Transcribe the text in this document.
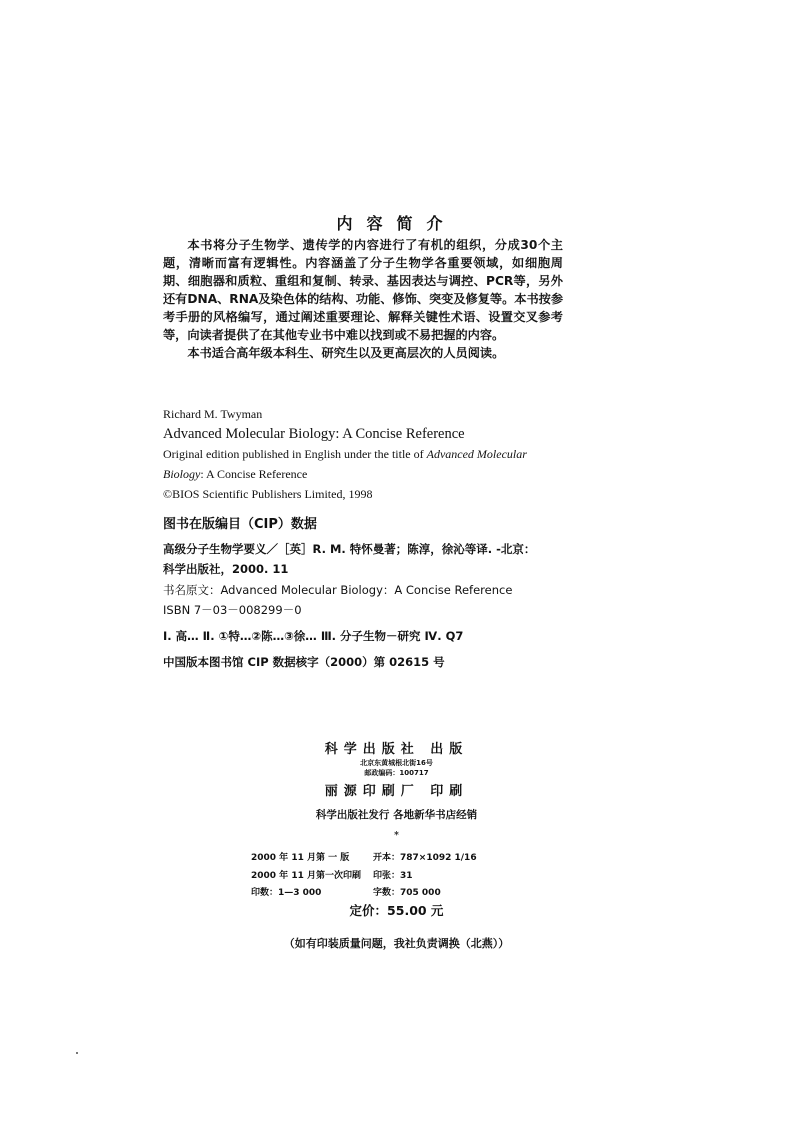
内容简介

本书将分子生物学、遗传学的内容进行了有机的组织，分成30个主题，清晰而富有逻辑性。内容涵盖了分子生物学各重要领域，如细胞周期、细胞器和质粒、重组和复制、转录、基因表达与调控、PCR等，另外还有DNA、RNA及染色体的结构、功能、修饰、突变及修复等。本书按参考手册的风格编写，通过阐述重要理论、解释关键性术语、设置交叉参考等，向读者提供了在其他专业书中难以找到或不易把握的内容。

本书适合高年级本科生、研究生以及更高层次的人员阅读。

Richard M. Twyman
Advanced Molecular Biology: A Concise Reference
Original edition published in English under the title of Advanced Molecular
Biology: A Concise Reference
©BIOS Scientific Publishers Limited, 1998
图书在版编目（CIP）数据
高级分子生物学要义／［英］R. M. 特怀曼著；陈淳，徐沁等译. -北京：
科学出版社，2000. 11
书名原文：Advanced Molecular Biology：A Concise Reference
ISBN 7－03－008299－0
Ⅰ. 高… Ⅱ. ①特…②陈…③徐… Ⅲ. 分子生物－研究 Ⅳ. Q7
中国版本图书馆 CIP 数据核字（2000）第 02615 号
科学出版社 出版
北京东黄城根北街16号
邮政编码：100717
丽源印刷厂 印刷
科学出版社发行 各地新华书店经销
*
2000 年 11 月第 一 版	开本：787×1092 1/16
2000 年 11 月第一次印刷 印张：31
印数：1—3 000	字数：705 000
定价：55.00 元
（如有印装质量问题，我社负责调换（北燕））
